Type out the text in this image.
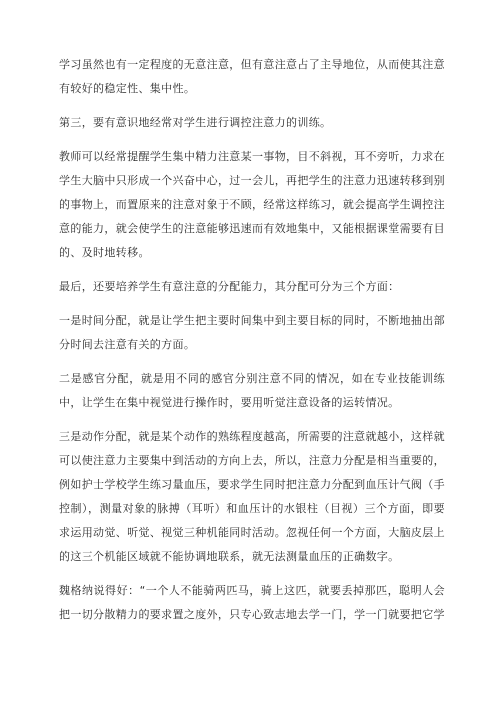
学习虽然也有一定程度的无意注意，但有意注意占了主导地位，从而使其注意有较好的稳定性、集中性。

第三，要有意识地经常对学生进行调控注意力的训练。

教师可以经常提醒学生集中精力注意某一事物，目不斜视，耳不旁听，力求在学生大脑中只形成一个兴奋中心，过一会儿，再把学生的注意力迅速转移到别的事物上，而置原来的注意对象于不顾，经常这样练习，就会提高学生调控注意的能力，就会使学生的注意能够迅速而有效地集中，又能根据课堂需要有目的、及时地转移。

最后，还要培养学生有意注意的分配能力，其分配可分为三个方面：

一是时间分配，就是让学生把主要时间集中到主要目标的同时，不断地抽出部分时间去注意有关的方面。

二是感官分配，就是用不同的感官分别注意不同的情况，如在专业技能训练中，让学生在集中视觉进行操作时，要用听觉注意设备的运转情况。

三是动作分配，就是某个动作的熟练程度越高，所需要的注意就越小，这样就可以使注意力主要集中到活动的方向上去，所以，注意力分配是相当重要的，例如护士学校学生练习量血压，要求学生同时把注意力分配到血压计气阀（手控制），测量对象的脉搏（耳听）和血压计的水银柱（目视）三个方面，即要求运用动觉、听觉、视觉三种机能同时活动。忽视任何一个方面，大脑皮层上的这三个机能区域就不能协调地联系，就无法测量血压的正确数字。

魏格纳说得好：“一个人不能骑两匹马，骑上这匹，就要丢掉那匹，聪明人会把一切分散精力的要求置之度外，只专心致志地去学一门，学一门就要把它学
